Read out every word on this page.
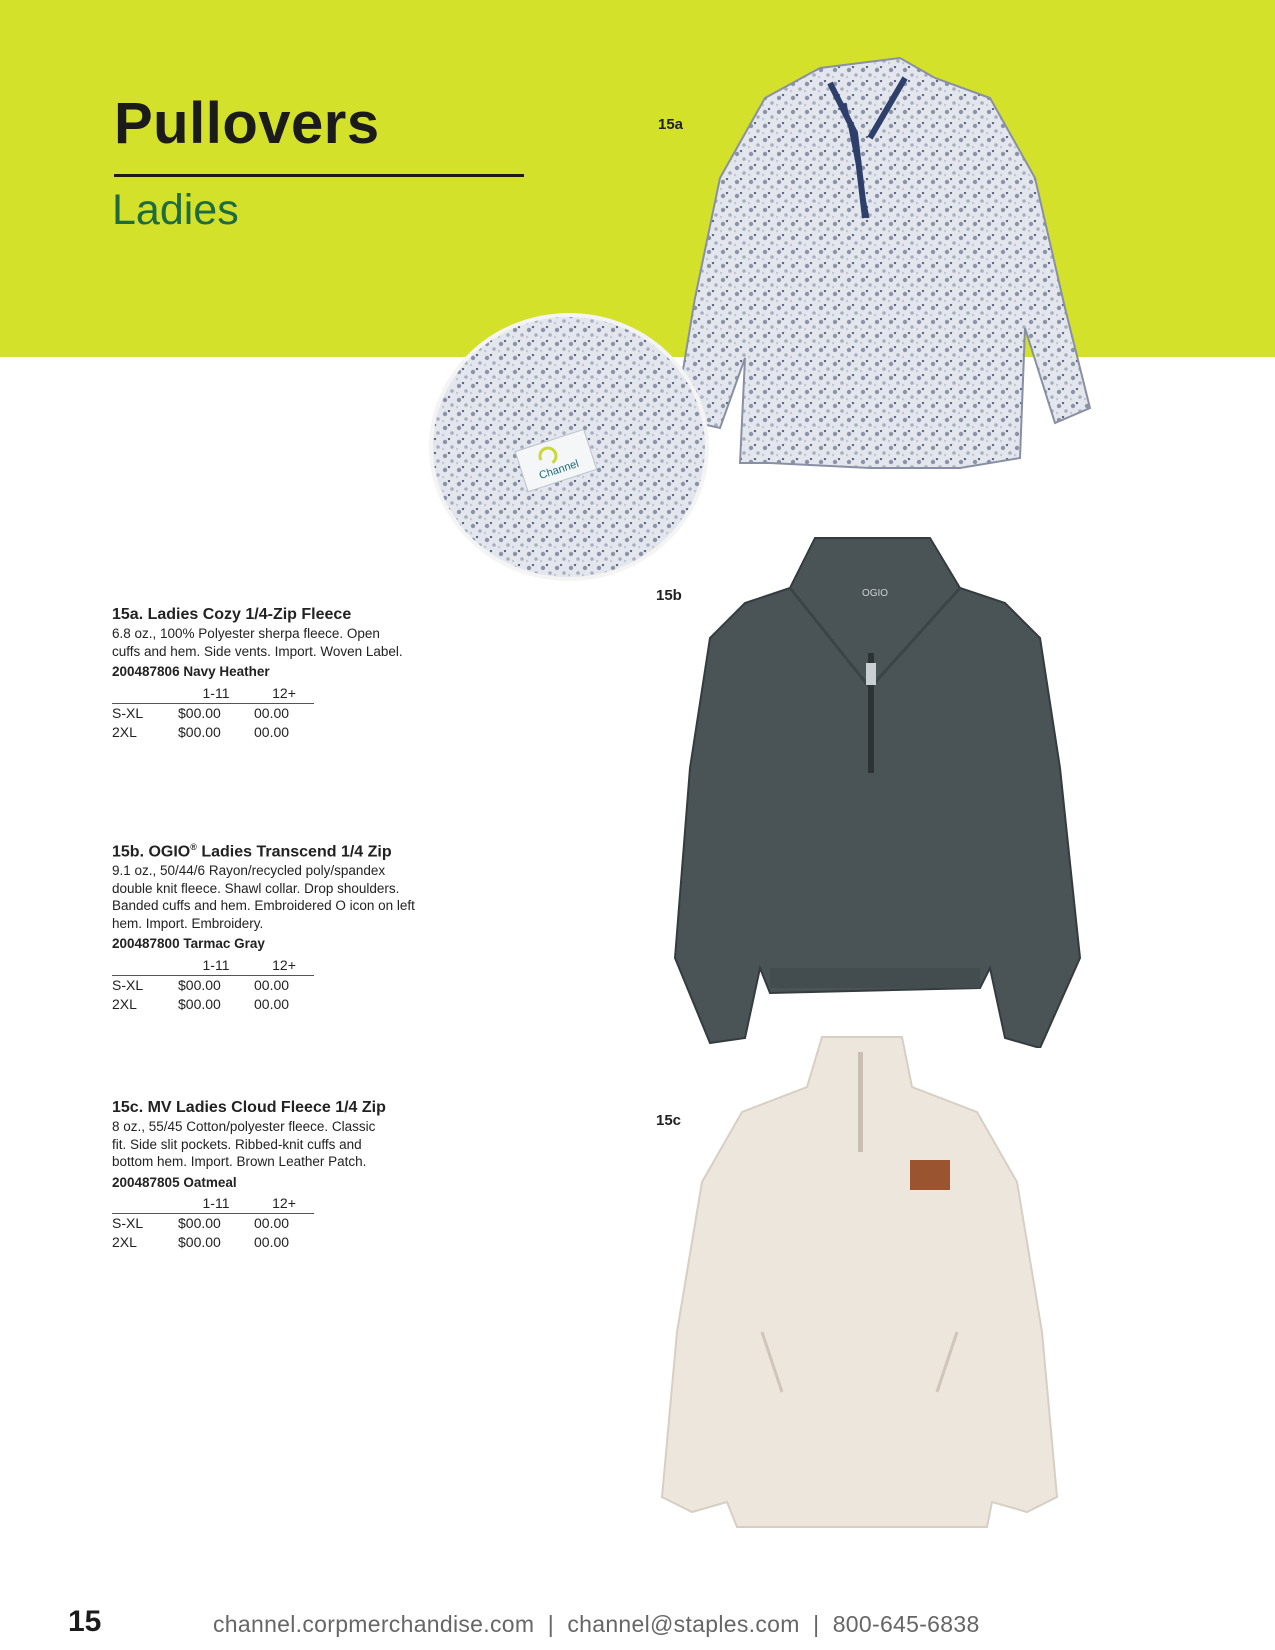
Pullovers
Ladies
15a
Channel
OGIO
15b
15c
15a. Ladies Cozy 1/4-Zip Fleece
6.8 oz., 100% Polyester sherpa fleece. Open
cuffs and hem. Side vents. Import. Woven Label.
200487806 Navy Heather
	1-11	12+
S-XL	$00.00	00.00
2XL	$00.00	00.00
15b. OGIO® Ladies Transcend 1/4 Zip
9.1 oz., 50/44/6 Rayon/recycled poly/spandex
double knit fleece. Shawl collar. Drop shoulders.
Banded cuffs and hem. Embroidered O icon on left
hem. Import. Embroidery.
200487800 Tarmac Gray
	1-11	12+
S-XL	$00.00	00.00
2XL	$00.00	00.00
15c. MV Ladies Cloud Fleece 1/4 Zip
8 oz., 55/45 Cotton/polyester fleece. Classic
fit. Side slit pockets. Ribbed-knit cuffs and
bottom hem. Import. Brown Leather Patch.
200487805 Oatmeal
	1-11	12+
S-XL	$00.00	00.00
2XL	$00.00	00.00
15	channel.corpmerchandise.com  |  channel@staples.com  |  800-645-6838
